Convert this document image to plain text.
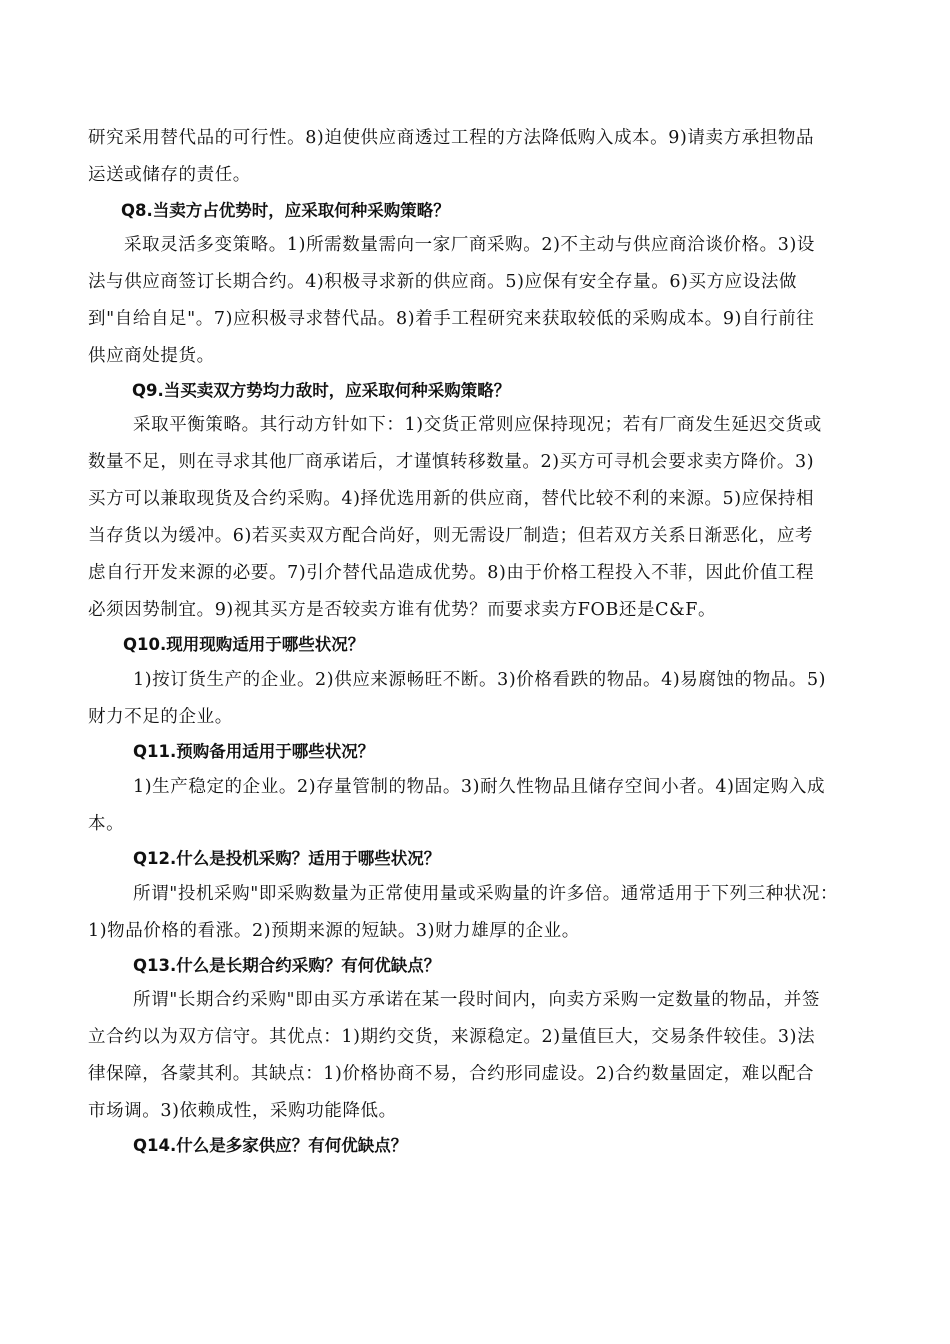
研究采用替代品的可行性。8)迫使供应商透过工程的方法降低购入成本。9)请卖方承担物品
运送或储存的责任。
Q8.当卖方占优势时，应采取何种采购策略？
采取灵活多变策略。1)所需数量需向一家厂商采购。2)不主动与供应商洽谈价格。3)设
法与供应商签订长期合约。4)积极寻求新的供应商。5)应保有安全存量。6)买方应设法做
到"自给自足"。7)应积极寻求替代品。8)着手工程研究来获取较低的采购成本。9)自行前往
供应商处提货。
Q9.当买卖双方势均力敌时，应采取何种采购策略？
采取平衡策略。其行动方针如下：1)交货正常则应保持现况；若有厂商发生延迟交货或
数量不足，则在寻求其他厂商承诺后，才谨慎转移数量。2)买方可寻机会要求卖方降价。3)
买方可以兼取现货及合约采购。4)择优选用新的供应商，替代比较不利的来源。5)应保持相
当存货以为缓冲。6)若买卖双方配合尚好，则无需设厂制造；但若双方关系日渐恶化，应考
虑自行开发来源的必要。7)引介替代品造成优势。8)由于价格工程投入不菲，因此价值工程
必须因势制宜。9)视其买方是否较卖方谁有优势？而要求卖方FOB还是C&F。
Q10.现用现购适用于哪些状况？
1)按订货生产的企业。2)供应来源畅旺不断。3)价格看跌的物品。4)易腐蚀的物品。5)
财力不足的企业。
Q11.预购备用适用于哪些状况？
1)生产稳定的企业。2)存量管制的物品。3)耐久性物品且储存空间小者。4)固定购入成
本。
Q12.什么是投机采购？适用于哪些状况？
所谓"投机采购"即采购数量为正常使用量或采购量的许多倍。通常适用于下列三种状况：
1)物品价格的看涨。2)预期来源的短缺。3)财力雄厚的企业。
Q13.什么是长期合约采购？有何优缺点？
所谓"长期合约采购"即由买方承诺在某一段时间内，向卖方采购一定数量的物品，并签
立合约以为双方信守。其优点：1)期约交货，来源稳定。2)量值巨大，交易条件较佳。3)法
律保障，各蒙其利。其缺点：1)价格协商不易，合约形同虚设。2)合约数量固定，难以配合
市场调。3)依赖成性，采购功能降低。
Q14.什么是多家供应？有何优缺点？
